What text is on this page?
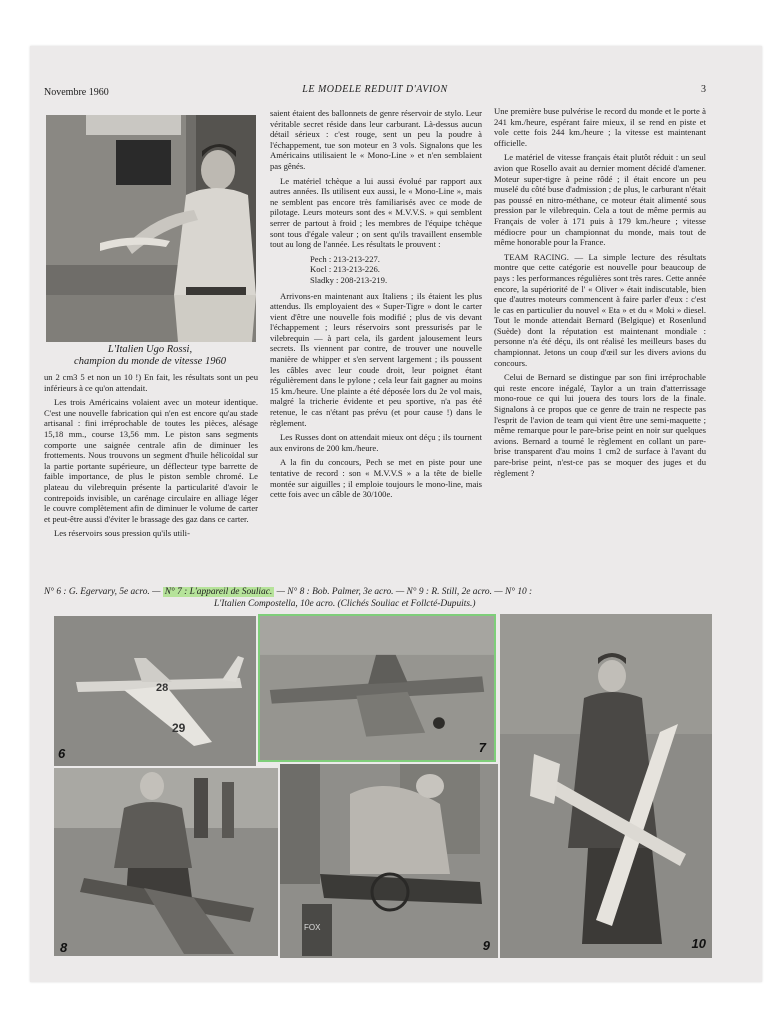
Novembre 1960	LE MODELE REDUIT D'AVION	3
L'Italien Ugo Rossi,
champion du monde de vitesse 1960

un 2 cm3 5 et non un 10 !) En fait, les résultats sont un peu inférieurs à ce qu'on attendait.

Les trois Américains volaient avec un moteur identique. C'est une nouvelle fabrication qui n'en est encore qu'au stade artisanal : fini irréprochable de toutes les pièces, alésage 15,18 mm., course 13,56 mm. Le piston sans segments comporte une saignée centrale afin de diminuer les frottements. Nous trouvons un segment d'huile hélicoïdal sur la partie portante supérieure, un déflecteur type barrette de faible importance, de plus le piston semble chromé. Le plateau du vilebrequin présente la particularité d'avoir le contrepoids invisible, un carénage circulaire en alliage léger le couvre complètement afin de diminuer le volume de carter et peut-être aussi d'éviter le brassage des gaz dans ce carter.

Les réservoirs sous pression qu'ils utili-

saient étaient des ballonnets de genre réservoir de stylo. Leur véritable secret réside dans leur carburant. Là-dessus aucun détail sérieux : c'est rouge, sent un peu la poudre à l'échappement, tue son moteur en 3 vols. Signalons que les Américains utilisaient le « Mono-Line » et n'en semblaient pas gênés.

Le matériel tchèque a lui aussi évolué par rapport aux autres années. Ils utilisent eux aussi, le « Mono-Line », mais ne semblent pas encore très familiarisés avec ce mode de pilotage. Leurs moteurs sont des « M.V.V.S. » qui semblent serrer de partout à froid ; les membres de l'équipe tchèque sont tous d'égale valeur ; on sent qu'ils travaillent ensemble tout au long de l'année. Les résultats le prouvent :

Pech : 213-213-227.
Kocl : 213-213-226.
Sladky : 208-213-219.

Arrivons-en maintenant aux Italiens ; ils étaient les plus attendus. Ils employaient des « Super-Tigre » dont le carter vient d'être une nouvelle fois modifié ; plus de vis devant l'échappement ; leurs réservoirs sont pressurisés par le vilebrequin — à part cela, ils gardent jalousement leurs secrets. Ils viennent par contre, de trouver une nouvelle manière de whipper et s'en servent largement ; ils poussent les câbles avec leur coude droit, leur poignet étant régulièrement dans le pylone ; cela leur fait gagner au moins 15 km./heure. Une plainte a été déposée lors du 2e vol mais, malgré la tricherie évidente et peu sportive, n'a pas été retenue, le cas n'étant pas prévu (et pour cause !) dans le règlement.

Les Russes dont on attendait mieux ont déçu ; ils tournent aux environs de 200 km./heure.

A la fin du concours, Pech se met en piste pour une tentative de record : son « M.V.V.S » a la tête de bielle montée sur aiguilles ; il emploie toujours le mono-line, mais cette fois avec un câble de 30/100e.

Une première buse pulvérise le record du monde et le porte à 241 km./heure, espérant faire mieux, il se rend en piste et vole cette fois 244 km./heure ; la vitesse est maintenant officielle.

Le matériel de vitesse français était plutôt réduit : un seul avion que Rosello avait au dernier moment décidé d'amener. Moteur super-tigre à peine rôdé ; il était encore un peu muselé du côté buse d'admission ; de plus, le carburant n'était pas poussé en nitro-méthane, ce moteur était alimenté sous pression par le vilebrequin. Cela a tout de même permis au Français de voler à 171 puis à 179 km./heure ; vitesse médiocre pour un championnat du monde, mais tout de même honorable pour la France.

TEAM RACING. — La simple lecture des résultats montre que cette catégorie est nouvelle pour beaucoup de pays : les performances régulières sont très rares. Cette année encore, la supériorité de l' « Oliver » était indiscutable, bien que d'autres moteurs commencent à faire parler d'eux : c'est le cas en particulier du nouvel « Eta » et du « Moki » diesel. Tout le monde attendait Bernard (Belgique) et Rosenlund (Suède) dont la réputation est maintenant mondiale : personne n'a été déçu, ils ont réalisé les meilleurs bases du championnat. Jetons un coup d'œil sur les divers avions du concours.

Celui de Bernard se distingue par son fini irréprochable qui reste encore inégalé, Taylor a un train d'atterrissage mono-roue ce qui lui jouera des tours lors de la finale. Signalons à ce propos que ce genre de train ne respecte pas l'esprit de l'avion de team qui vient être une semi-maquette ; même remarque pour le pare-brise peint en noir sur quelques avions. Bernard a tourné le règlement en collant un pare-brise transparent d'au moins 1 cm2 de surface à l'avant du pare-brise peint, n'est-ce pas se moquer des juges et du règlement ?

N° 6 : G. Egervary, 5e acro. — N° 7 : L'appareil de Souliac. — N° 8 : Bob. Palmer, 3e acro. — N° 9 : R. Still, 2e acro. — N° 10 :
L'Italien Compostella, 10e acro. (Clichés Souliac et Follcté-Dupuits.)
28
29
6	7
8
FOX
9	10
